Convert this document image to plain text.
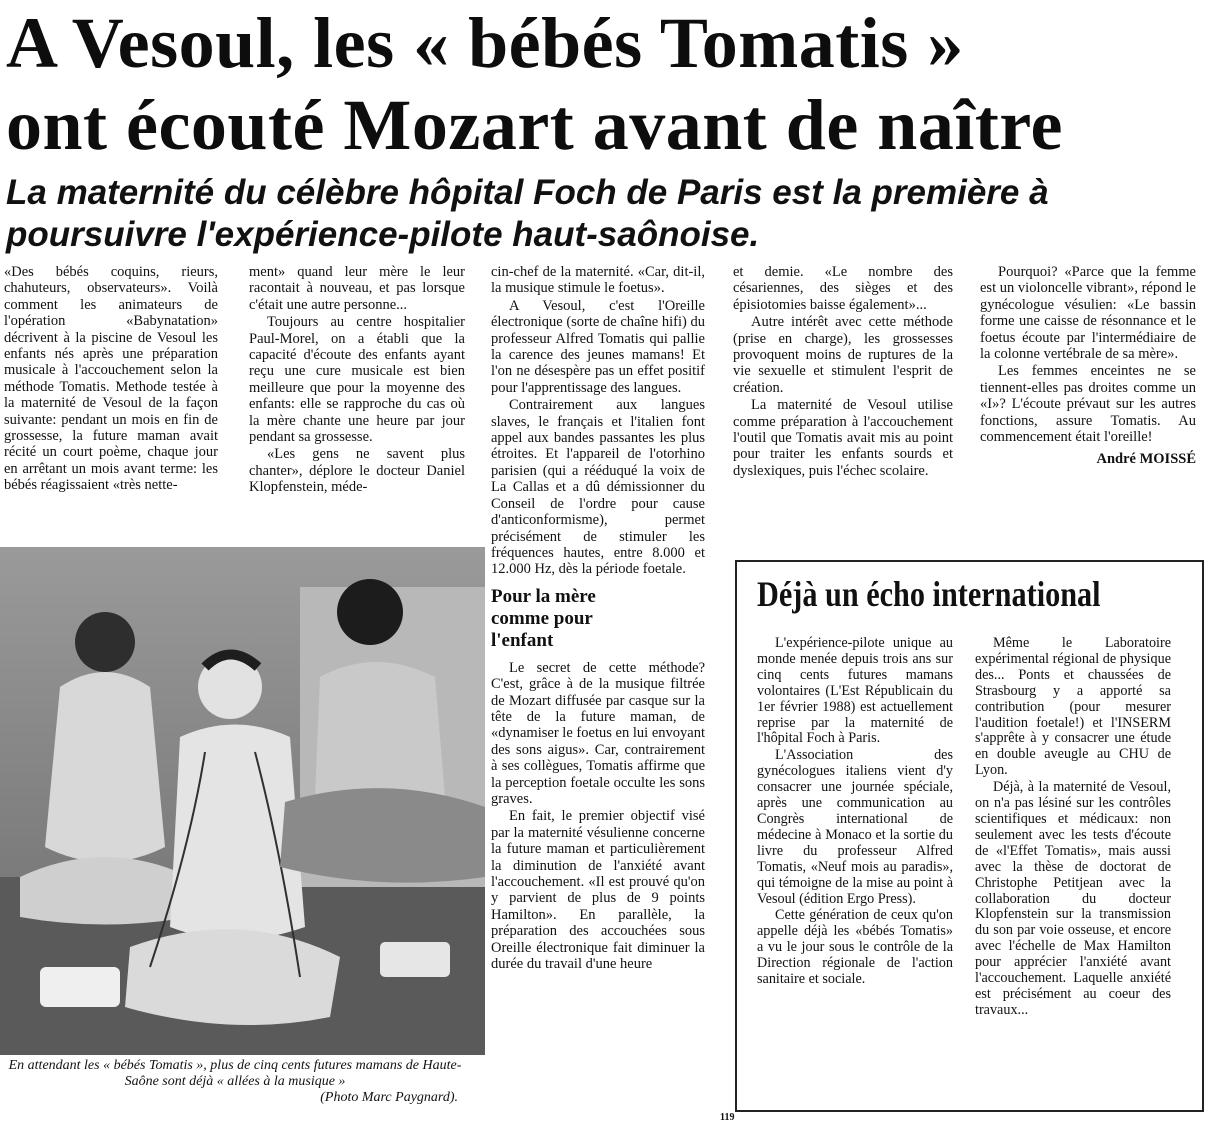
A Vesoul, les « bébés Tomatis »
ont écouté Mozart avant de naître
La maternité du célèbre hôpital Foch de Paris est la première à
poursuivre l'expérience-pilote haut-saônoise.

«Des bébés coquins, rieurs, chahuteurs, observateurs». Voilà comment les animateurs de l'opération «Babynatation» décrivent à la piscine de Vesoul les enfants nés après une préparation musicale à l'accouchement selon la méthode Tomatis. Methode testée à la maternité de Vesoul de la façon suivante: pendant un mois en fin de grossesse, la future maman avait récité un court poème, chaque jour en arrêtant un mois avant terme: les bébés réagissaient «très nette-

ment» quand leur mère le leur racontait à nouveau, et pas lorsque c'était une autre personne...

Toujours au centre hospitalier Paul-Morel, on a établi que la capacité d'écoute des enfants ayant reçu une cure musicale est bien meilleure que pour la moyenne des enfants: elle se rapproche du cas où la mère chante une heure par jour pendant sa grossesse.

«Les gens ne savent plus chanter», déplore le docteur Daniel Klopfenstein, méde-

En attendant les « bébés Tomatis », plus de cinq cents futures mamans de Haute-Saône sont déjà « allées à la musique »
(Photo Marc Paygnard).

cin-chef de la maternité. «Car, dit-il, la musique stimule le foetus».

A Vesoul, c'est l'Oreille électronique (sorte de chaîne hifi) du professeur Alfred Tomatis qui pallie la carence des jeunes mamans! Et l'on ne désespère pas un effet positif pour l'apprentissage des langues.

Contrairement aux langues slaves, le français et l'italien font appel aux bandes passantes les plus étroites. Et l'appareil de l'otorhino parisien (qui a rééduqué la voix de La Callas et a dû démissionner du Conseil de l'ordre pour cause d'anticonformisme), permet précisément de stimuler les fréquences hautes, entre 8.000 et 12.000 Hz, dès la période foetale.

Pour la mère comme pour l'enfant

Le secret de cette méthode? C'est, grâce à de la musique filtrée de Mozart diffusée par casque sur la tête de la future maman, de «dynamiser le foetus en lui envoyant des sons aigus». Car, contrairement à ses collègues, Tomatis affirme que la perception foetale occulte les sons graves.

En fait, le premier objectif visé par la maternité vésulienne concerne la future maman et particulièrement la diminution de l'anxiété avant l'accouchement. «Il est prouvé qu'on y parvient de plus de 9 points Hamilton». En parallèle, la préparation des accouchées sous Oreille électronique fait diminuer la durée du travail d'une heure

et demie. «Le nombre des césariennes, des sièges et des épisiotomies baisse également»...

Autre intérêt avec cette méthode (prise en charge), les grossesses provoquent moins de ruptures de la vie sexuelle et stimulent l'esprit de création.

La maternité de Vesoul utilise comme préparation à l'accouchement l'outil que Tomatis avait mis au point pour traiter les enfants sourds et dyslexiques, puis l'échec scolaire.

Pourquoi? «Parce que la femme est un violoncelle vibrant», répond le gynécologue vésulien: «Le bassin forme une caisse de résonnance et le foetus écoute par l'intermédiaire de la colonne vertébrale de sa mère».

Les femmes enceintes ne se tiennent-elles pas droites comme un «I»? L'écoute prévaut sur les autres fonctions, assure Tomatis. Au commencement était l'oreille!

André MOISSÉ

Déjà un écho international

L'expérience-pilote unique au monde menée depuis trois ans sur cinq cents futures mamans volontaires (L'Est Républicain du 1er février 1988) est actuellement reprise par la maternité de l'hôpital Foch à Paris.

L'Association des gynécologues italiens vient d'y consacrer une journée spéciale, après une communication au Congrès international de médecine à Monaco et la sortie du livre du professeur Alfred Tomatis, «Neuf mois au paradis», qui témoigne de la mise au point à Vesoul (édition Ergo Press).

Cette génération de ceux qu'on appelle déjà les «bébés Tomatis» a vu le jour sous le contrôle de la Direction régionale de l'action sanitaire et sociale.

Même le Laboratoire expérimental régional de physique des... Ponts et chaussées de Strasbourg y a apporté sa contribution (pour mesurer l'audition foetale!) et l'INSERM s'apprête à y consacrer une étude en double aveugle au CHU de Lyon.

Déjà, à la maternité de Vesoul, on n'a pas lésiné sur les contrôles scientifiques et médicaux: non seulement avec les tests d'écoute de «l'Effet Tomatis», mais aussi avec la thèse de doctorat de Christophe Petitjean avec la collaboration du docteur Klopfenstein sur la transmission du son par voie osseuse, et encore avec l'échelle de Max Hamilton pour apprécier l'anxiété avant l'accouchement. Laquelle anxiété est précisément au coeur des travaux...

119
